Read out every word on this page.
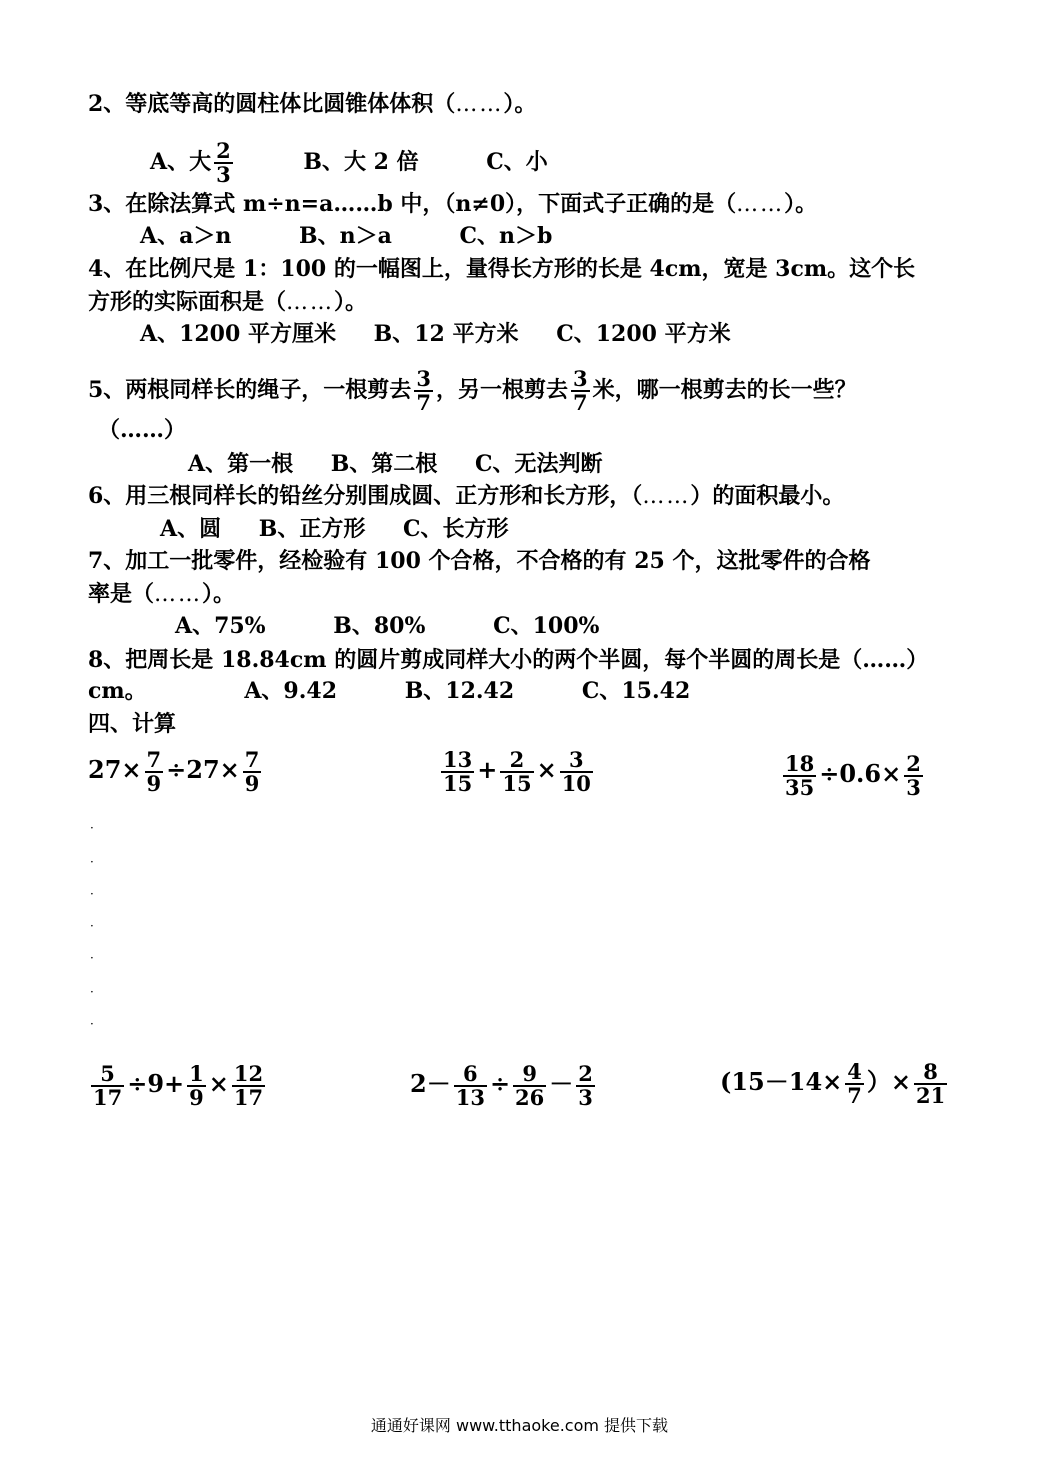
2、等底等高的圆柱体比圆锥体体积（……）。
A、大 $\frac{2}{3}$	B、大 2 倍	C、小
3、在除法算式 m÷n=a……b 中，（n≠0），下面式子正确的是（……）。
A、a＞n	B、n＞a	C、n＞b
4、在比例尺是 1：100 的一幅图上，量得长方形的长是 4cm，宽是 3cm。这个长
方形的实际面积是（……）。
A、1200 平方厘米 B、12 平方米 C、1200 平方米
5、两根同样长的绳子，一根剪去 $\frac{3}{7}$ ，另一根剪去 $\frac{3}{7}$ 米，哪一根剪去的长一些？
（……）
A、第一根 B、第二根 C、无法判断
6、用三根同样长的铅丝分别围成圆、正方形和长方形，（……）的面积最小。
A、圆 B、正方形 C、长方形
7、加工一批零件，经检验有 100 个合格，不合格的有 25 个，这批零件的合格
率是（……）。
A、75%	B、80%	C、100%
8、把周长是 18.84cm 的圆片剪成同样大小的两个半圆，每个半圆的周长是（……）
cm。	A、9.42	B、12.42	C、15.42
四、计算
$27\times \frac{7}{9} \div 27\times \frac{7}{9}$	$\frac{13}{15} + \frac{2}{15} \times \frac{3}{10}$	$\frac{18}{35} \div 0.6\times \frac{2}{3}$
·
·
·
·
·
·
·
$\frac{5}{17} \div 9+ \frac{1}{9} \times \frac{12}{17}$	$2- \frac{6}{13} \div \frac{9}{26} - \frac{2}{3}$	($15-14\times \frac{4}{7}$ ）× $\frac{8}{21}$
通通好课网 www.tthaoke.com 提供下载
